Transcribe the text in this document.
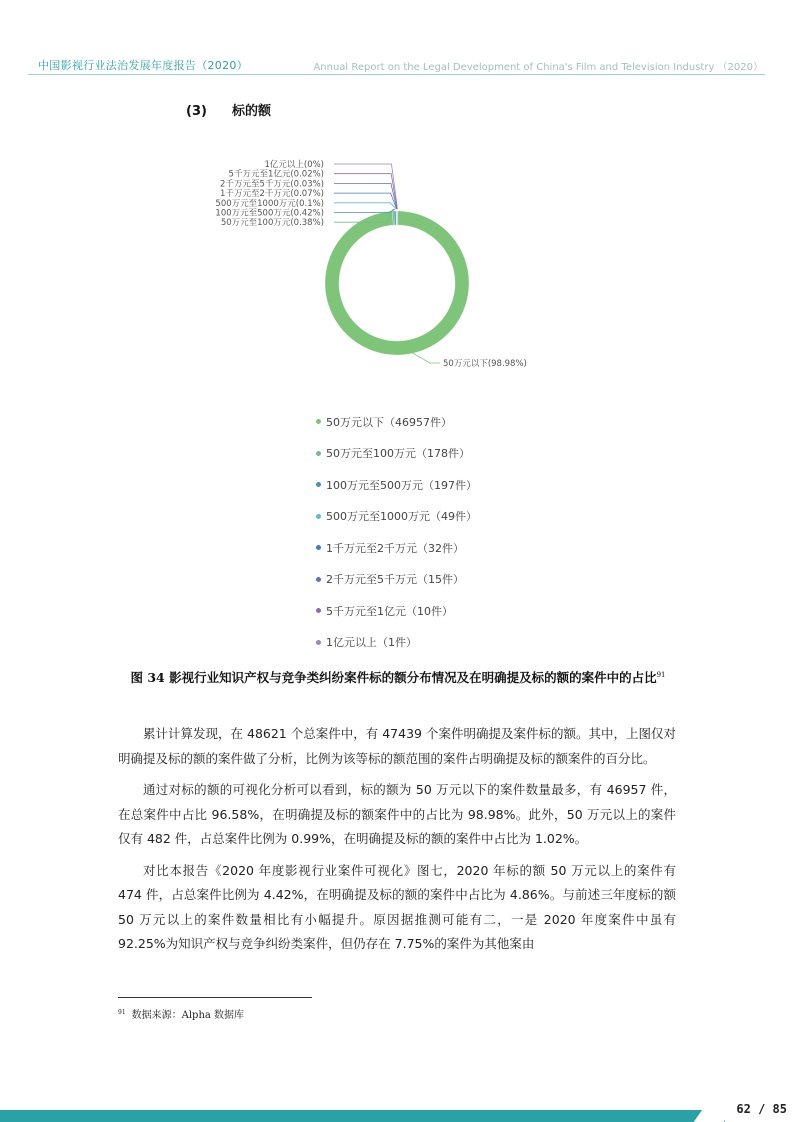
中国影视行业法治发展年度报告（2020）	Annual Report on the Legal Development of China's Film and Television Industry （2020）
(3) 标的额
50万元以下(98.98%)
50万元至100万元(0.38%)
100万元至500万元(0.42%)
500万元至1000万元(0.1%)
1千万元至2千万元(0.07%)
2千万元至5千万元(0.03%)
5千万元至1亿元(0.02%)
1亿元以上(0%)
50万元以下（46957件）
50万元至100万元（178件）
100万元至500万元（197件）
500万元至1000万元（49件）
1千万元至2千万元（32件）
2千万元至5千万元（15件）
5千万元至1亿元（10件）
1亿元以上（1件）
图 34 影视行业知识产权与竞争类纠纷案件标的额分布情况及在明确提及标的额的案件中的占比$^{91}$

累计计算发现，在 48621 个总案件中，有 47439 个案件明确提及案件标的额。其中，上图仅对明确提及标的额的案件做了分析，比例为该等标的额范围的案件占明确提及标的额案件的百分比。

通过对标的额的可视化分析可以看到，标的额为 50 万元以下的案件数量最多，有 46957 件，在总案件中占比 96.58%，在明确提及标的额案件中的占比为 98.98%。此外，50 万元以上的案件仅有 482 件，占总案件比例为 0.99%，在明确提及标的额的案件中占比为 1.02%。

对比本报告《2020 年度影视行业案件可视化》图七，2020 年标的额 50 万元以上的案件有 474 件，占总案件比例为 4.42%，在明确提及标的额的案件中占比为 4.86%。与前述三年度标的额 50 万元以上的案件数量相比有小幅提升。原因据推测可能有二，一是 2020 年度案件中虽有 92.25%为知识产权与竞争纠纷类案件，但仍存在 7.75%的案件为其他案由

$^{91}$ 数据来源：Alpha 数据库
62 / 85
